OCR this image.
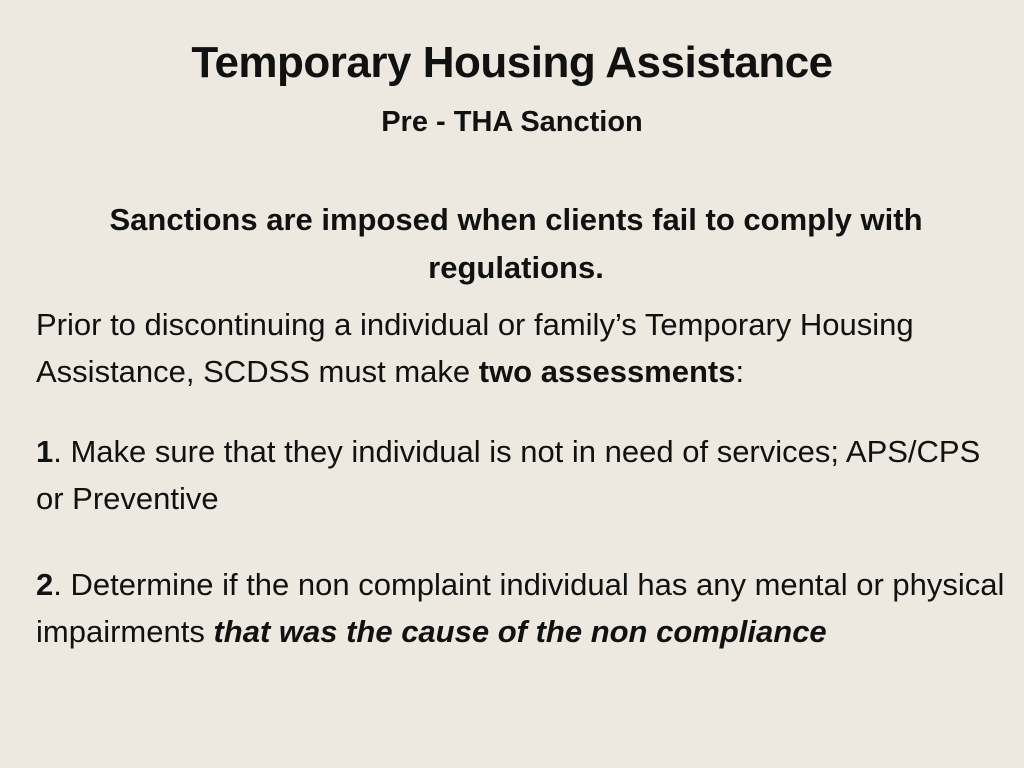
Temporary Housing Assistance
Pre - THA Sanction
Sanctions are imposed when clients fail to comply with regulations.
Prior to discontinuing a individual or family’s Temporary Housing Assistance, SCDSS must make two assessments:
1. Make sure that they individual is not in need of services; APS/CPS or Preventive
2. Determine if the non complaint individual has any mental or physical impairments that was the cause of the non compliance
